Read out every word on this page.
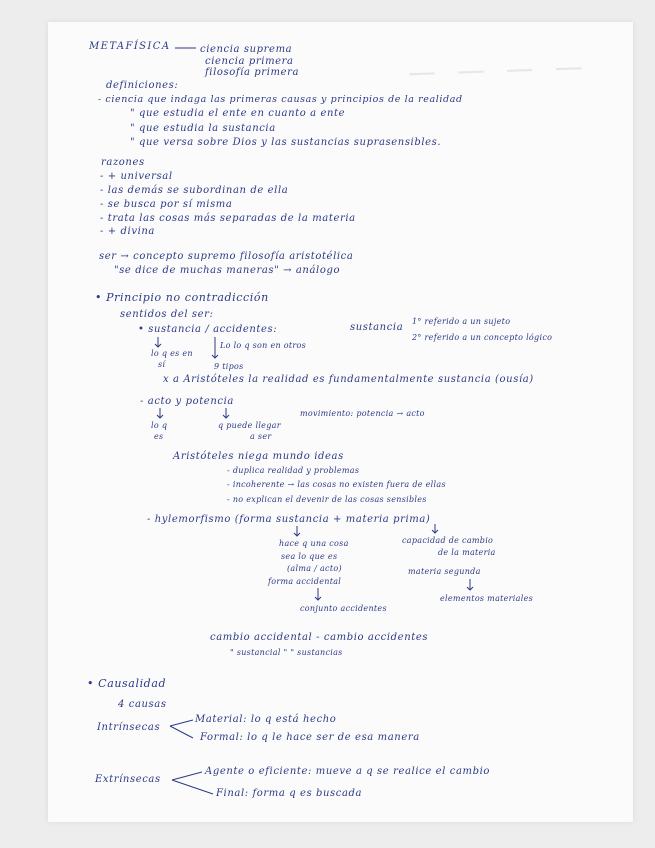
— — — —
METAFÍSICA	ciencia suprema
ciencia primera
filosofía primera
definiciones:
- ciencia que indaga las primeras causas y principios de la realidad
" que estudia el ente en cuanto a ente
" que estudia la sustancia
" que versa sobre Dios y las sustancias suprasensibles.
razones
- + universal
- las demás se subordinan de ella
- se busca por sí misma
- trata las cosas más separadas de la materia
- + divina
ser → concepto supremo filosofía aristotélica
"se dice de muchas maneras" → análogo
• Principio no contradicción
sentidos del ser:
• sustancia / accidentes:	sustancia
1° referido a un sujeto
2° referido a un concepto lógico
lo q es en
sí
Lo lo q son en otros
9 tipos
x a Aristóteles la realidad es fundamentalmente sustancia (ousía)
- acto y potencia
lo q
es
q puede llegar
a ser
movimiento: potencia → acto
Aristóteles niega mundo ideas
- duplica realidad y problemas
- incoherente → las cosas no existen fuera de ellas
- no explican el devenir de las cosas sensibles
- hylemorfismo (forma sustancia + materia prima)
hace q una cosa
sea lo que es
(alma / acto)
forma accidental
conjunto accidentes
capacidad de cambio
de la materia
materia segunda
elementos materiales
cambio accidental - cambio accidentes
" sustancial " " sustancias
• Causalidad
4 causas
Intrínsecas
Material: lo q está hecho
Formal: lo q le hace ser de esa manera
Extrínsecas
Agente o eficiente: mueve a q se realice el cambio
Final: forma q es buscada
